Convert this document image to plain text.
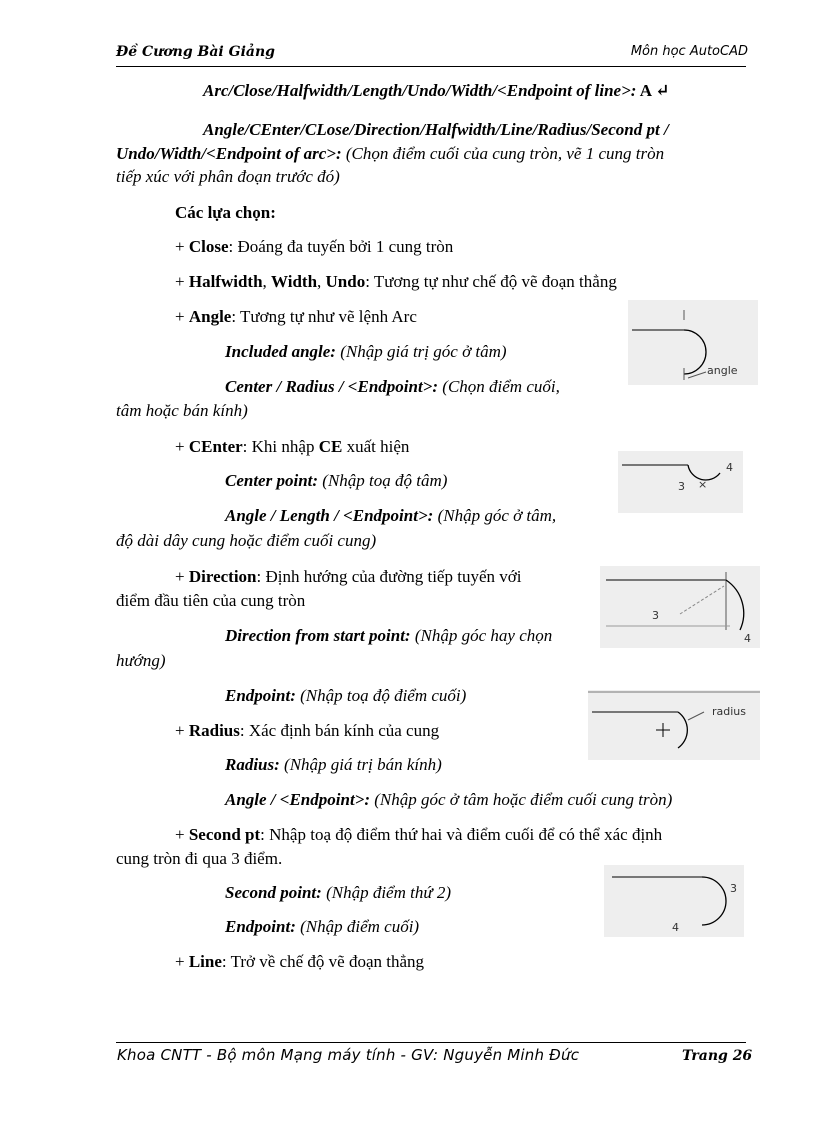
Đề Cương Bài Giảng	Môn học AutoCAD
Arc/Close/Halfwidth/Length/Undo/Width/<Endpoint of line>: A ↵
Angle/CEnter/CLose/Direction/Halfwidth/Line/Radius/Second pt /
Undo/Width/<Endpoint of arc>: (Chọn điểm cuối của cung tròn, vẽ 1 cung tròn
tiếp xúc với phân đoạn trước đó)
Các lựa chọn:
+ Close: Đoáng đa tuyến bởi 1 cung tròn
+ Halfwidth, Width, Undo: Tương tự như chế độ vẽ đoạn thẳng
+ Angle: Tương tự như vẽ lệnh Arc
Included angle: (Nhập giá trị góc ở tâm)
Center / Radius / <Endpoint>: (Chọn điểm cuối,
tâm hoặc bán kính)
+ CEnter: Khi nhập CE xuất hiện
Center point: (Nhập toạ độ tâm)
Angle / Length / <Endpoint>: (Nhập góc ở tâm,
độ dài dây cung hoặc điểm cuối cung)
+ Direction: Định hướng của đường tiếp tuyến với
điểm đầu tiên của cung tròn
Direction from start point: (Nhập góc hay chọn
hướng)
Endpoint: (Nhập toạ độ điểm cuối)
+ Radius: Xác định bán kính của cung
Radius: (Nhập giá trị bán kính)
Angle / <Endpoint>: (Nhập góc ở tâm hoặc điểm cuối cung tròn)
+ Second pt: Nhập toạ độ điểm thứ hai và điểm cuối để có thể xác định
cung tròn đi qua 3 điểm.
Second point: (Nhập điểm thứ 2)
Endpoint: (Nhập điểm cuối)
+ Line: Trở về chế độ vẽ đoạn thẳng
angle
3 ×
4
3
4
radius
3
4
Khoa CNTT - Bộ môn Mạng máy tính - GV: Nguyễn Minh Đức	Trang 26
